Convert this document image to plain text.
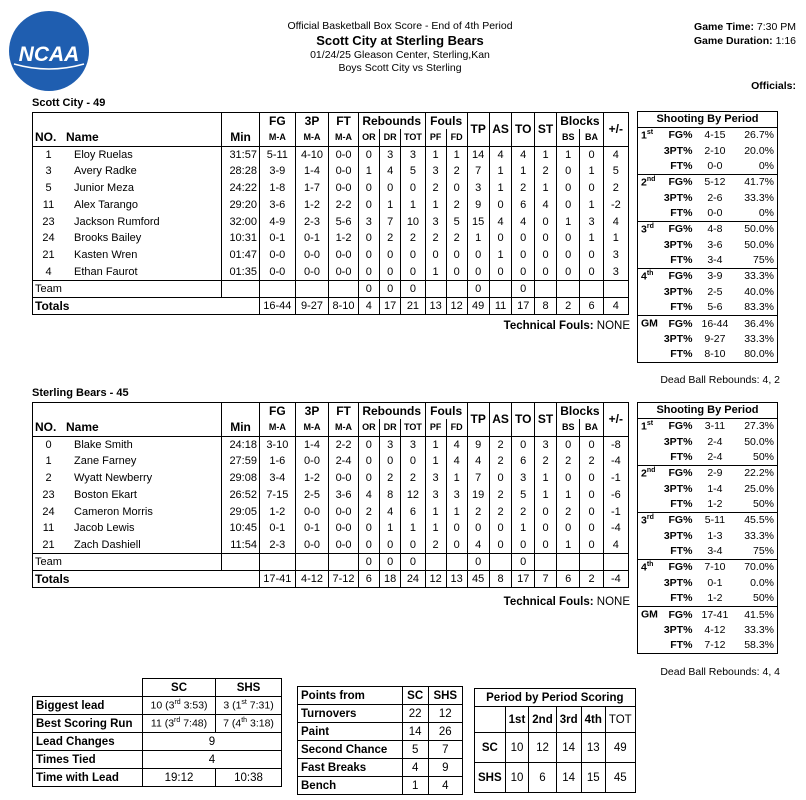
NCAA
Official Basketball Box Score - End of 4th Period
Scott City at Sterling Bears
01/24/25 Gleason Center, Sterling,Kan
Boys Scott City vs Sterling
Game Time: 7:30 PM
Game Duration: 1:16
Officials:
Scott City - 49
			FG	3P	FT	Rebounds			Fouls		TP	AS	TO	ST	Blocks		+/-
NO.	Name	Min	M-A	M-A	M-A	OR	DR	TOT	PF	FD					BS	BA	
1	Eloy Ruelas	31:57	5-11	4-10	0-0	0	3	3	1	1	14	4	4	1	1	0	4
3	Avery Radke	28:28	3-9	1-4	0-0	1	4	5	3	2	7	1	1	2	0	1	5
5	Junior Meza	24:22	1-8	1-7	0-0	0	0	0	2	0	3	1	2	1	0	0	2
11	Alex Tarango	29:20	3-6	1-2	2-2	0	1	1	1	2	9	0	6	4	0	1	-2
23	Jackson Rumford	32:00	4-9	2-3	5-6	3	7	10	3	5	15	4	4	0	1	3	4
24	Brooks Bailey	10:31	0-1	0-1	1-2	0	2	2	2	2	1	0	0	0	0	1	1
21	Kasten Wren	01:47	0-0	0-0	0-0	0	0	0	0	0	0	1	0	0	0	0	3
4	Ethan Faurot	01:35	0-0	0-0	0-0	0	0	0	1	0	0	0	0	0	0	0	3
Team						0	0	0			0		0				
Totals			16-44	9-27	8-10	4	17	21	13	12	49	11	17	8	2	6	4
Technical Fouls: NONE
Shooting By Period			
1st	FG%	4-15	26.7%
	3PT%	2-10	20.0%
	FT%	0-0	0%
2nd	FG%	5-12	41.7%
	3PT%	2-6	33.3%
	FT%	0-0	0%
3rd	FG%	4-8	50.0%
	3PT%	3-6	50.0%
	FT%	3-4	75%
4th	FG%	3-9	33.3%
	3PT%	2-5	40.0%
	FT%	5-6	83.3%
GM	FG%	16-44	36.4%
	3PT%	9-27	33.3%
	FT%	8-10	80.0%
Dead Ball Rebounds: 4, 2
Sterling Bears - 45
			FG	3P	FT	Rebounds			Fouls		TP	AS	TO	ST	Blocks		+/-
NO.	Name	Min	M-A	M-A	M-A	OR	DR	TOT	PF	FD					BS	BA	
0	Blake Smith	24:18	3-10	1-4	2-2	0	3	3	1	4	9	2	0	3	0	0	-8
1	Zane Farney	27:59	1-6	0-0	2-4	0	0	0	1	4	4	2	6	2	2	2	-4
2	Wyatt Newberry	29:08	3-4	1-2	0-0	0	2	2	3	1	7	0	3	1	0	0	-1
23	Boston Ekart	26:52	7-15	2-5	3-6	4	8	12	3	3	19	2	5	1	1	0	-6
24	Cameron Morris	29:05	1-2	0-0	0-0	2	4	6	1	1	2	2	2	0	2	0	-1
11	Jacob Lewis	10:45	0-1	0-1	0-0	0	1	1	1	0	0	0	1	0	0	0	-4
21	Zach Dashiell	11:54	2-3	0-0	0-0	0	0	0	2	0	4	0	0	0	1	0	4
Team						0	0	0			0		0				
Totals			17-41	4-12	7-12	6	18	24	12	13	45	8	17	7	6	2	-4
Technical Fouls: NONE
Shooting By Period			
1st	FG%	3-11	27.3%
	3PT%	2-4	50.0%
	FT%	2-4	50%
2nd	FG%	2-9	22.2%
	3PT%	1-4	25.0%
	FT%	1-2	50%
3rd	FG%	5-11	45.5%
	3PT%	1-3	33.3%
	FT%	3-4	75%
4th	FG%	7-10	70.0%
	3PT%	0-1	0.0%
	FT%	1-2	50%
GM	FG%	17-41	41.5%
	3PT%	4-12	33.3%
	FT%	7-12	58.3%
Dead Ball Rebounds: 4, 4
	SC	SHS
Biggest lead	10 (3rd 3:53)	3 (1st 7:31)
Best Scoring Run	11 (3rd 7:48)	7 (4th 3:18)
Lead Changes	9	
Times Tied	4	
Time with Lead	19:12	10:38
Points from	SC	SHS
Turnovers	22	12
Paint	14	26
Second Chance	5	7
Fast Breaks	4	9
Bench	1	4
Period by Period Scoring					
	1st	2nd	3rd	4th	TOT
SC	10	12	14	13	49
SHS	10	6	14	15	45
